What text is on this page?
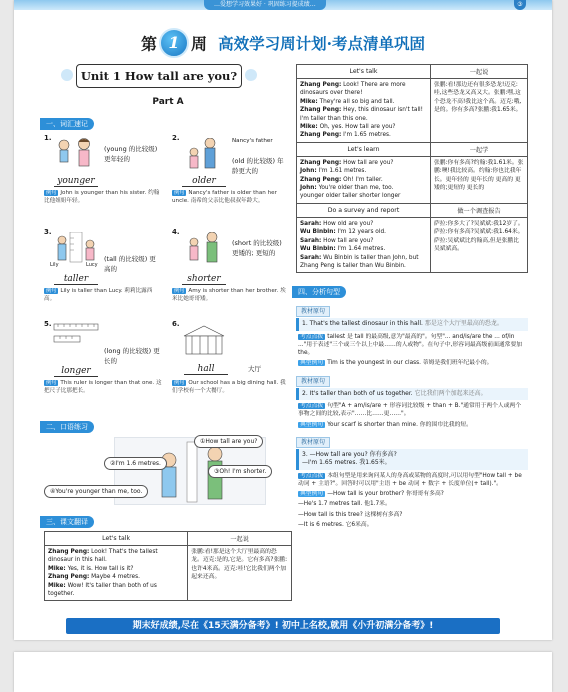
…爱想学习效果好 · 巩固练习提成绩…	③
第 1 周 高效学习周计划·考点清单巩固
Unit 1 How tall are you?
Part A
一、词汇速记
1.
(young 的比较级) 更年轻的
younger
例句 John is younger than his sister. 约翰比他姐姐年轻。
2.	Nancy's father
(old 的比较级) 年龄更大的
older
例句 Nancy's father is older than her uncle. 南希的父亲比他叔叔年龄大。
3.
Lily	Lucy
(tall 的比较级) 更高的
taller
例句 Lily is taller than Lucy. 莉莉比露西高。
4.
(short 的比较级) 更矮的; 更短的
shorter
例句 Amy is shorter than her brother. 埃米比她哥哥矮。
5.
(long 的比较级) 更长的
longer
例句 This ruler is longer than that one. 这把尺子比那把长。
6.
hall	大厅
例句 Our school has a big dining hall. 我们学校有一个大餐厅。
二、口语练习
①How tall are you?
②I'm 1.6 metres.
③Oh! I'm shorter.
④You're younger than me, too.
三、课文翻译
Let's talk	一起说

Zhang Peng: Look! That's the tallest dinosaur in this hall.
Mike: Yes, it is. How tall is it?
Zhang Peng: Maybe 4 metres.
Mike: Wow! It's taller than both of us together.	张鹏:看!那是这个大厅里最高的恐龙。迈克:是的,它是。它有多高?张鹏:也许4米高。迈克:哇!它比我们两个加起来还高。
Let's talk	一起说

Zhang Peng: Look! There are more dinosaurs over there!
Mike: They're all so big and tall.
Zhang Peng: Hey, this dinosaur isn't tall! I'm taller than this one.
Mike: Oh, yes. How tall are you?
Zhang Peng: I'm 1.65 metres.	张鹏:看!那边还有很多恐龙!迈克:哇,这些恐龙又高又大。张鹏:嘿,这个恐龙不高!我比这个高。迈克:哦,是的。你有多高?张鹏:我1.65米。
Let's learn	一起学

Zhang Peng: How tall are you?
John: I'm 1.61 metres.
Zhang Peng: Oh! I'm taller.
John: You're older than me, too.
younger older taller shorter longer	张鹏:你有多高?约翰:我1.61米。张鹏:噢!我比较高。约翰:你也比我年长。更年轻的 更年长的 更高的 更矮的;更短的 更长的
Do a survey and report	做一个调查报告

Sarah: How old are you?
Wu Binbin: I'm 12 years old.
Sarah: How tall are you?
Wu Binbin: I'm 1.64 metres.
Sarah: Wu Binbin is taller than John, but Zhang Peng is taller than Wu Binbin.	萨拉:你多大了?吴斌斌:我12岁了。萨拉:你有多高?吴斌斌:我1.64米。萨拉:吴斌斌比约翰高,但是张鹏比吴斌斌高。
四、分析句型
教材原句
1. That's the tallest dinosaur in this hall. 那是这个大厅里最高的恐龙。
考点点拨 tallest 是 tall 的最高级,意为"最高的"。句型"... and/is/are the ... of/in ..."用于表述"三个或三个以上中最……的人或物"。在句子中,形容词最高级前面通常要加 the。
典型例句 Tim is the youngest in our class. 蒂姆是我们班年纪最小的。
教材原句
2. It's taller than both of us together. 它比我们两个加起来还高。
考点点拨 句型"A + am/is/are + 形容词比较级 + than + B."通常用于两个人或两个事物之间的比较,表示"……比……更……"。
典型例句 Your scarf is shorter than mine. 你的围巾比我的短。
教材原句
3. —How tall are you? 你有多高?
—I'm 1.65 metres. 我1.65米。
考点点拨 本组句型是用来询问某人的身高或某物的高度时,可以用句型"How tall + be 动词 + 主语?"。回答时可以用"主语 + be 动词 + 数字 + 长度单位(+ tall)."。
典型例句 —How tall is your brother? 你哥哥有多高?
—He's 1.7 metres tall. 他1.7米。
—How tall is this tree? 这棵树有多高?
—It is 6 metres. 它6米高。
期末好成绩,尽在《15天满分备考》! 初中上名校,就用《小升初满分备考》!
